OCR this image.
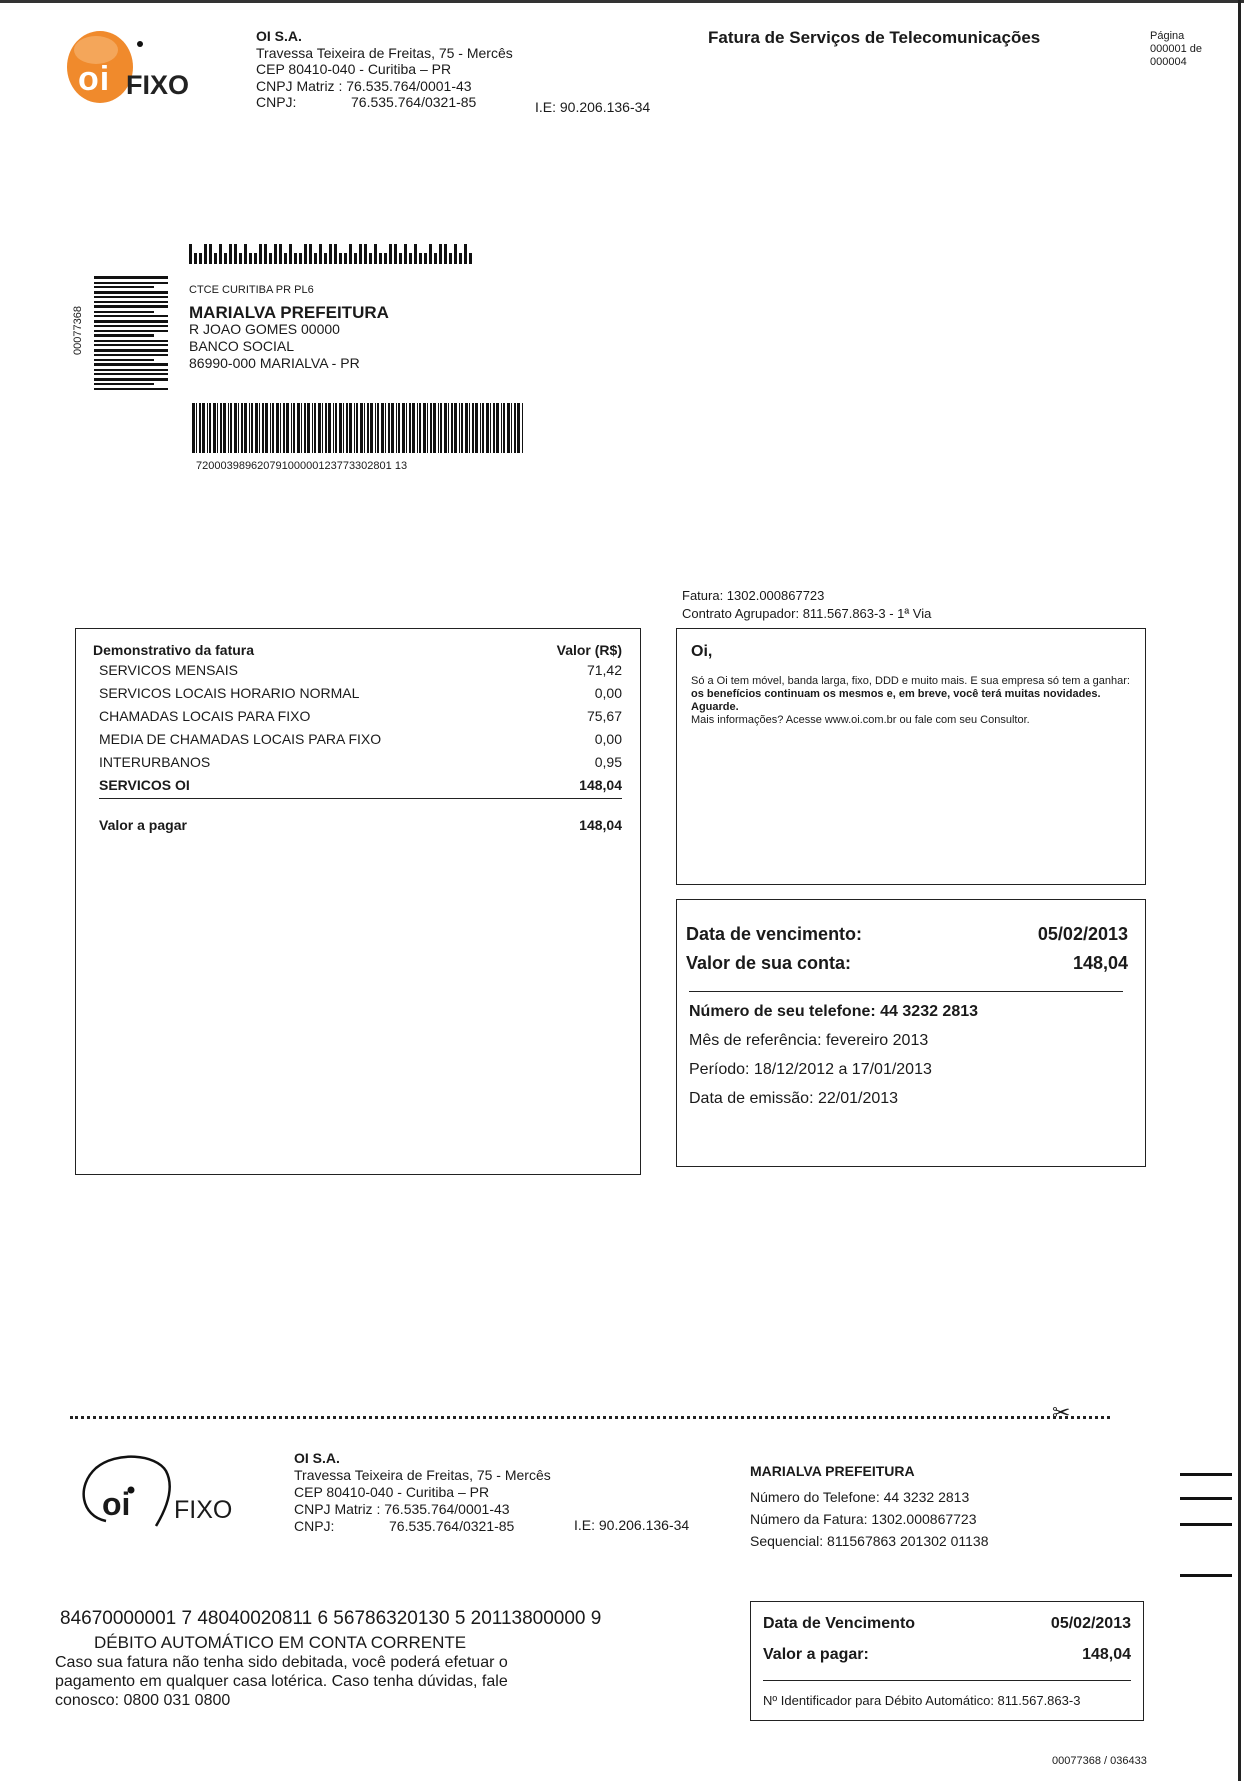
oi FIXO
OI S.A.
Travessa Teixeira de Freitas, 75 - Mercês
CEP 80410-040 - Curitiba – PR
CNPJ Matriz : 76.535.764/0001-43
CNPJ:	76.535.764/0321-85	I.E: 90.206.136-34
Fatura de Serviços de Telecomunicações	Página
000001 de
000004
00077368
CTCE CURITIBA PR PL6
MARIALVA PREFEITURA
R JOAO GOMES 00000
BANCO SOCIAL
86990-000 MARIALVA - PR
72000398962079100000123773302801 13
Fatura: 1302.000867723
Contrato Agrupador: 811.567.863-3 - 1ª Via
Demonstrativo da fatura	Valor (R$)
SERVICOS MENSAIS	71,42
SERVICOS LOCAIS HORARIO NORMAL	0,00
CHAMADAS LOCAIS PARA FIXO	75,67
MEDIA DE CHAMADAS LOCAIS PARA FIXO	0,00
INTERURBANOS	0,95
SERVICOS OI	148,04
Valor a pagar	148,04
Oi,

Só a Oi tem móvel, banda larga, fixo, DDD e muito mais. E sua empresa só tem a ganhar: os benefícios continuam os mesmos e, em breve, você terá muitas novidades. Aguarde.

Mais informações? Acesse www.oi.com.br ou fale com seu Consultor.

Data de vencimento:	05/02/2013
Valor de sua conta:	148,04
Número de seu telefone: 44 3232 2813
Mês de referência: fevereiro 2013
Período: 18/12/2012 a 17/01/2013
Data de emissão: 22/01/2013
✂
oi FIXO
OI S.A.
Travessa Teixeira de Freitas, 75 - Mercês
CEP 80410-040 - Curitiba – PR
CNPJ Matriz : 76.535.764/0001-43
CNPJ:	76.535.764/0321-85	I.E: 90.206.136-34
MARIALVA PREFEITURA
Número do Telefone: 44 3232 2813
Número da Fatura: 1302.000867723
Sequencial: 811567863 201302 01138
84670000001 7 48040020811 6 56786320130 5 20113800000 9
DÉBITO AUTOMÁTICO EM CONTA CORRENTE
Caso sua fatura não tenha sido debitada, você poderá efetuar o pagamento em qualquer casa lotérica. Caso tenha dúvidas, fale conosco: 0800 031 0800
Data de Vencimento	05/02/2013
Valor a pagar:	148,04
Nº Identificador para Débito Automático: 811.567.863-3
00077368 / 036433
